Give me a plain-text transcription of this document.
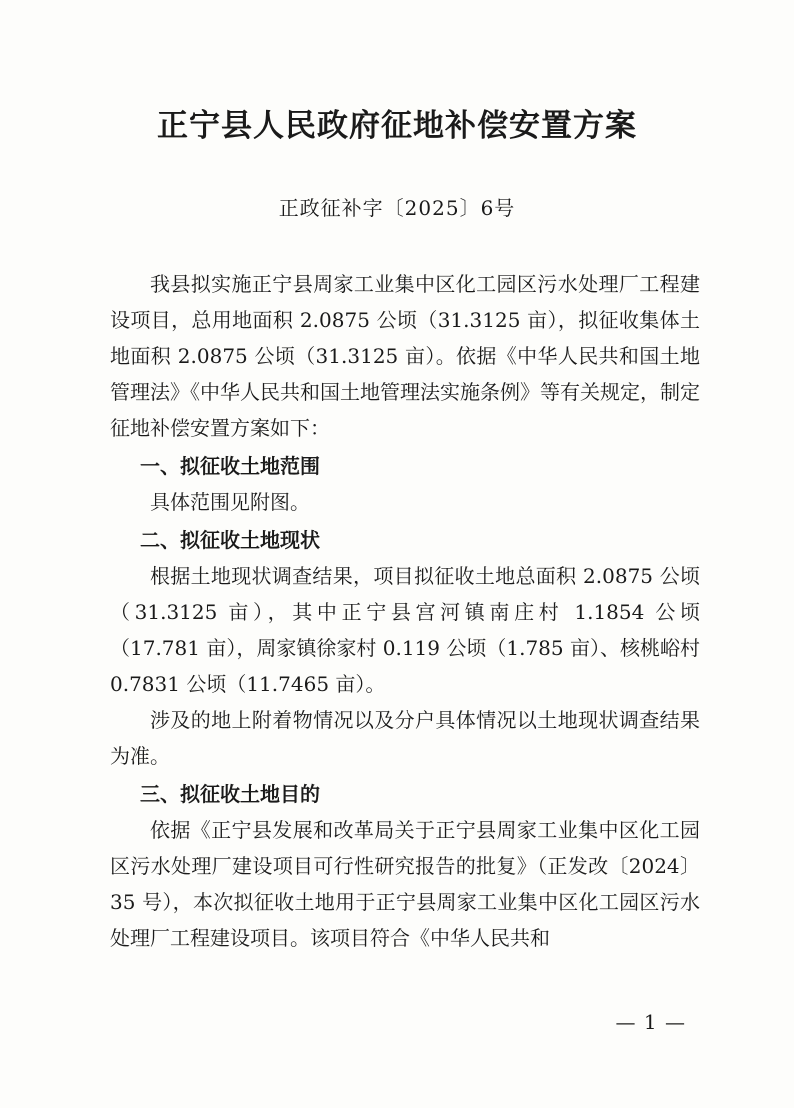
正宁县人民政府征地补偿安置方案
正政征补字〔2025〕6号

我县拟实施正宁县周家工业集中区化工园区污水处理厂工程建设项目，总用地面积 2.0875 公顷（31.3125 亩），拟征收集体土地面积 2.0875 公顷（31.3125 亩）。依据《中华人民共和国土地管理法》《中华人民共和国土地管理法实施条例》等有关规定，制定征地补偿安置方案如下：

一、拟征收土地范围

具体范围见附图。

二、拟征收土地现状

根据土地现状调查结果，项目拟征收土地总面积 2.0875 公顷（31.3125 亩），其中正宁县宫河镇南庄村 1.1854 公顷（17.781 亩），周家镇徐家村 0.119 公顷（1.785 亩）、核桃峪村 0.7831 公顷（11.7465 亩）。

涉及的地上附着物情况以及分户具体情况以土地现状调查结果为准。

三、拟征收土地目的

依据《正宁县发展和改革局关于正宁县周家工业集中区化工园区污水处理厂建设项目可行性研究报告的批复》（正发改〔2024〕35 号），本次拟征收土地用于正宁县周家工业集中区化工园区污水处理厂工程建设项目。该项目符合《中华人民共和

— 1 —
